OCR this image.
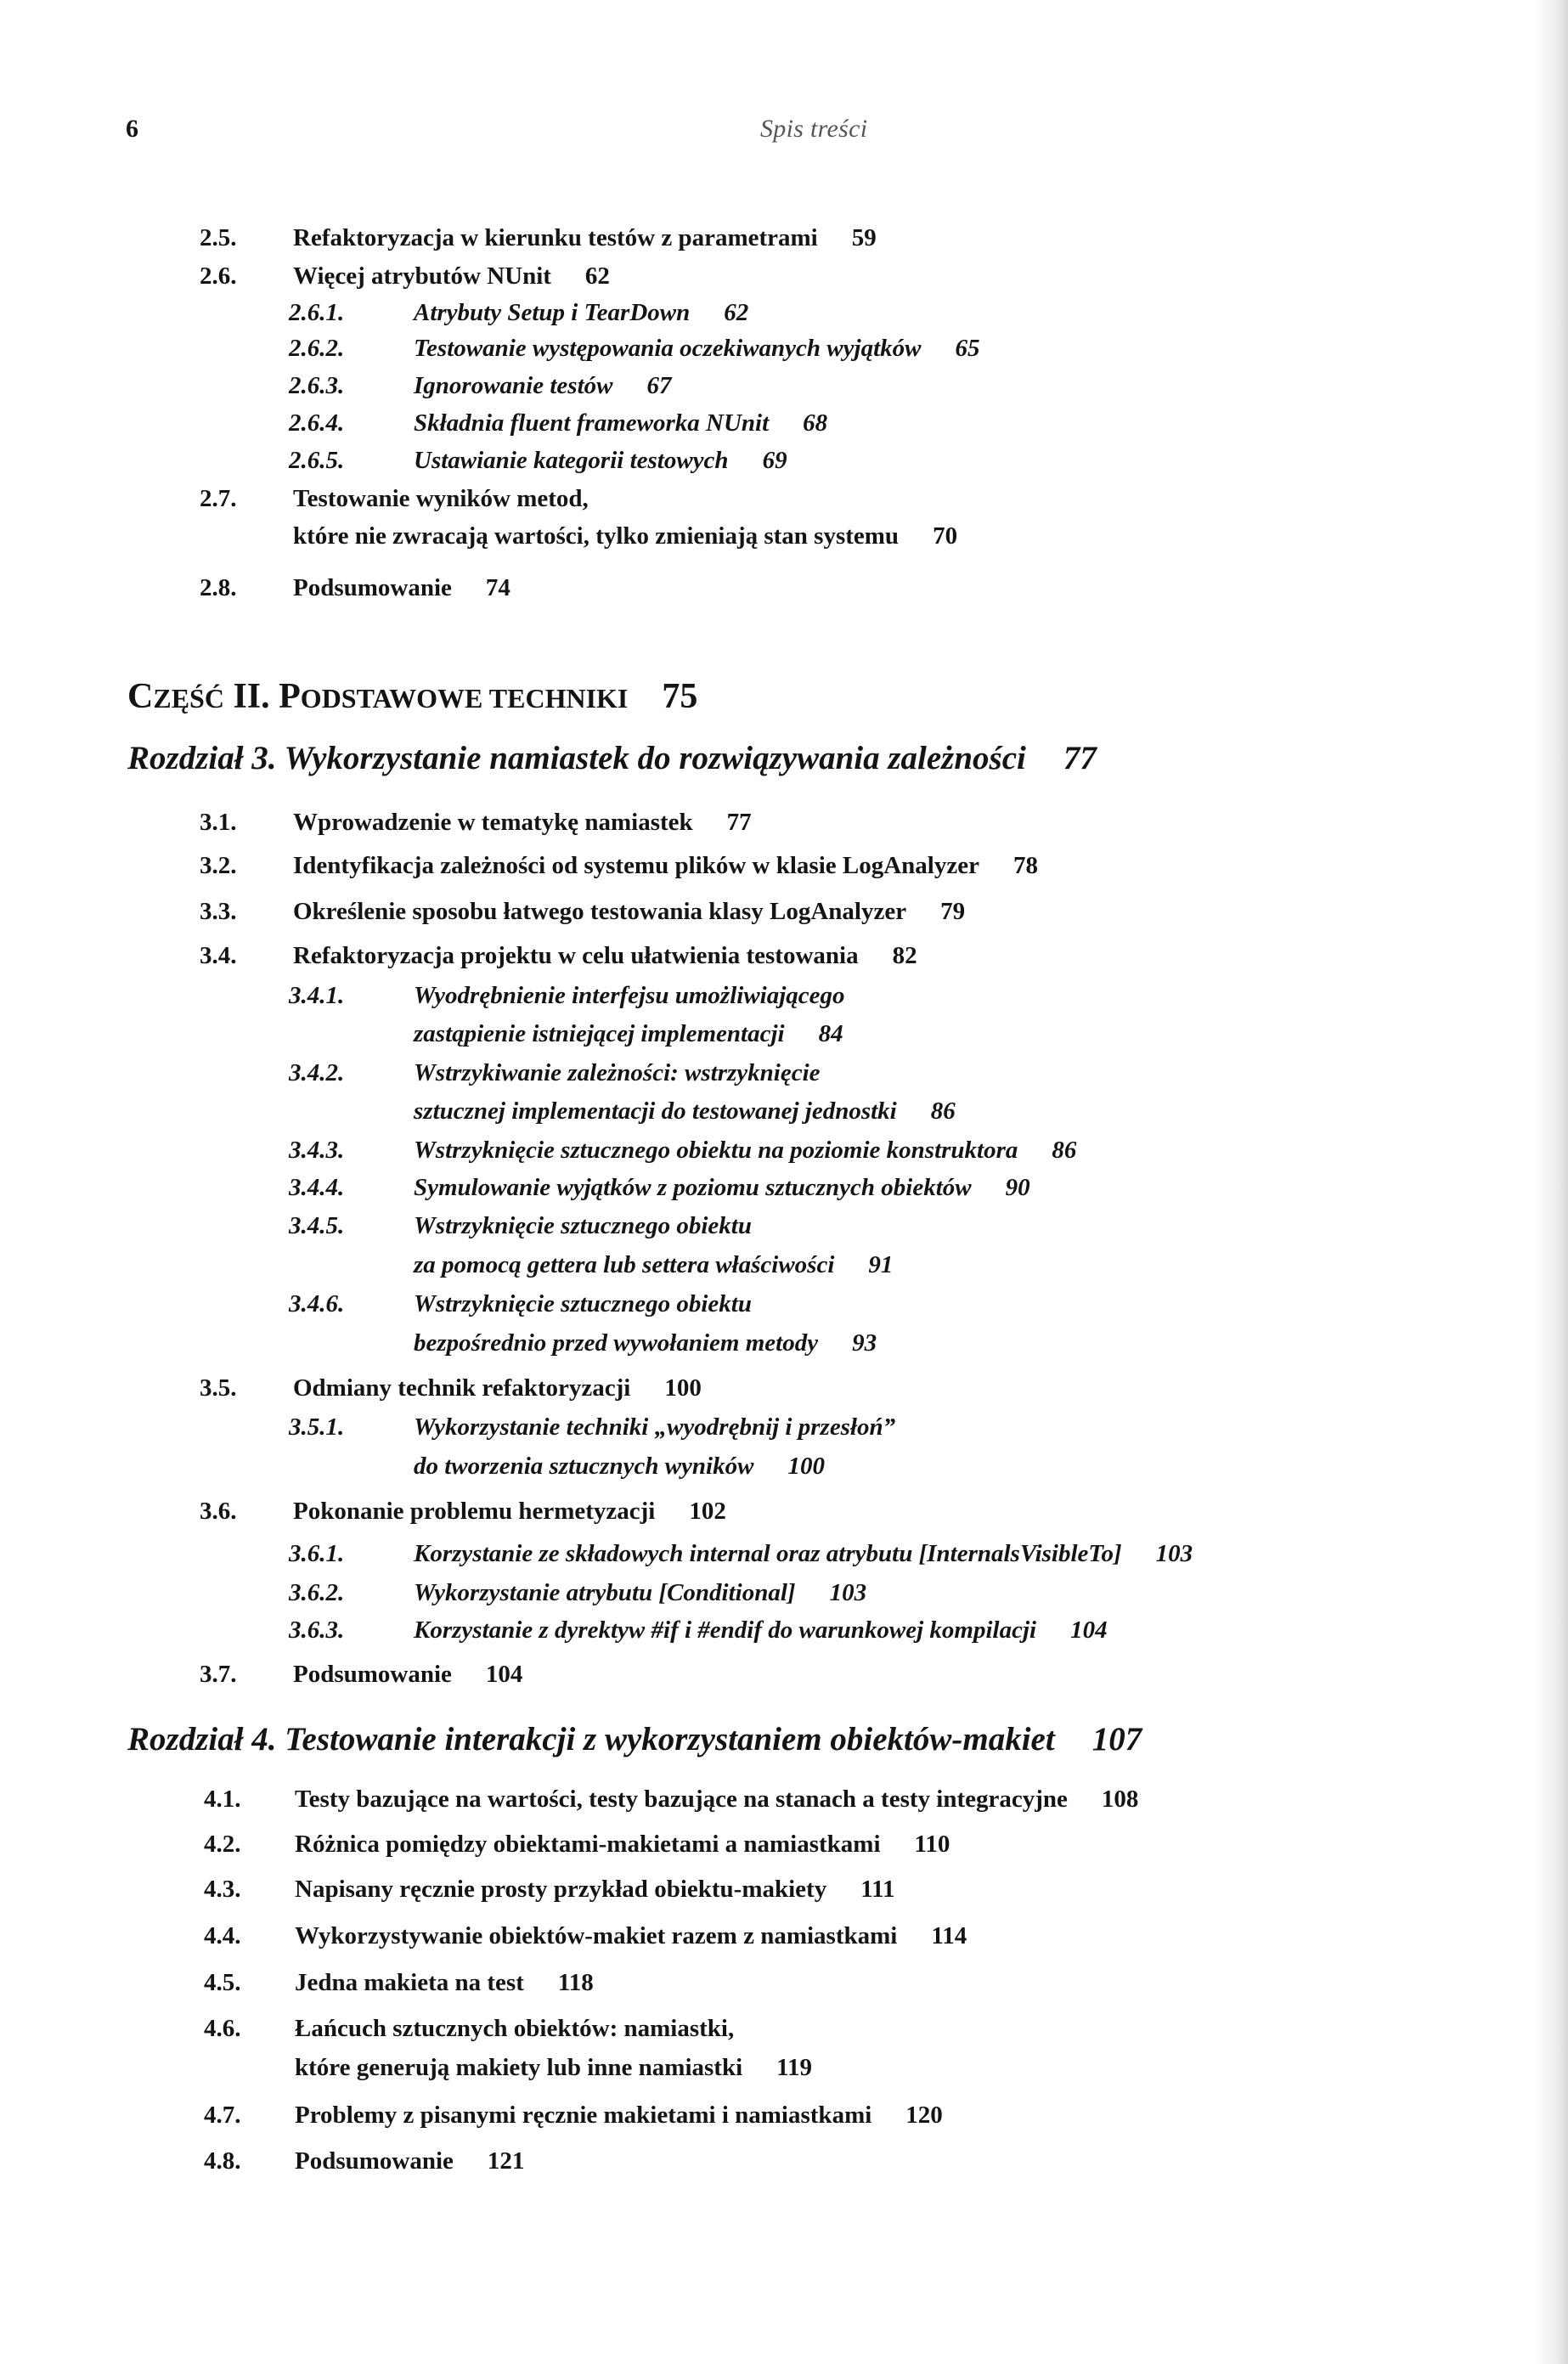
6	Spis treści
2.5. Refaktoryzacja w kierunku testów z parametrami 59
2.6. Więcej atrybutów NUnit 62
2.6.1.	Atrybuty Setup i TearDown 62
2.6.2.	Testowanie występowania oczekiwanych wyjątków 65
2.6.3.	Ignorowanie testów 67
2.6.4.	Składnia fluent frameworka NUnit 68
2.6.5.	Ustawianie kategorii testowych 69
2.7. Testowanie wyników metod,
które nie zwracają wartości, tylko zmieniają stan systemu 70
2.8. Podsumowanie 74
CZĘŚĆ II. PODSTAWOWE TECHNIKI 75
Rozdział 3. Wykorzystanie namiastek do rozwiązywania zależności 77
3.1. Wprowadzenie w tematykę namiastek 77
3.2. Identyfikacja zależności od systemu plików w klasie LogAnalyzer 78
3.3. Określenie sposobu łatwego testowania klasy LogAnalyzer 79
3.4. Refaktoryzacja projektu w celu ułatwienia testowania 82
3.4.1.	Wyodrębnienie interfejsu umożliwiającego
zastąpienie istniejącej implementacji 84
3.4.2.	Wstrzykiwanie zależności: wstrzyknięcie
sztucznej implementacji do testowanej jednostki 86
3.4.3.	Wstrzyknięcie sztucznego obiektu na poziomie konstruktora 86
3.4.4.	Symulowanie wyjątków z poziomu sztucznych obiektów 90
3.4.5.	Wstrzyknięcie sztucznego obiektu
za pomocą gettera lub settera właściwości 91
3.4.6.	Wstrzyknięcie sztucznego obiektu
bezpośrednio przed wywołaniem metody 93
3.5. Odmiany technik refaktoryzacji 100
3.5.1.	Wykorzystanie techniki „wyodrębnij i przesłoń”
do tworzenia sztucznych wyników 100
3.6. Pokonanie problemu hermetyzacji 102
3.6.1.	Korzystanie ze składowych internal oraz atrybutu [InternalsVisibleTo] 103
3.6.2.	Wykorzystanie atrybutu [Conditional] 103
3.6.3.	Korzystanie z dyrektyw #if i #endif do warunkowej kompilacji 104
3.7. Podsumowanie 104
Rozdział 4. Testowanie interakcji z wykorzystaniem obiektów-makiet 107
4.1. Testy bazujące na wartości, testy bazujące na stanach a testy integracyjne 108
4.2. Różnica pomiędzy obiektami-makietami a namiastkami 110
4.3. Napisany ręcznie prosty przykład obiektu-makiety 111
4.4. Wykorzystywanie obiektów-makiet razem z namiastkami 114
4.5. Jedna makieta na test 118
4.6. Łańcuch sztucznych obiektów: namiastki,
które generują makiety lub inne namiastki 119
4.7. Problemy z pisanymi ręcznie makietami i namiastkami 120
4.8. Podsumowanie 121
